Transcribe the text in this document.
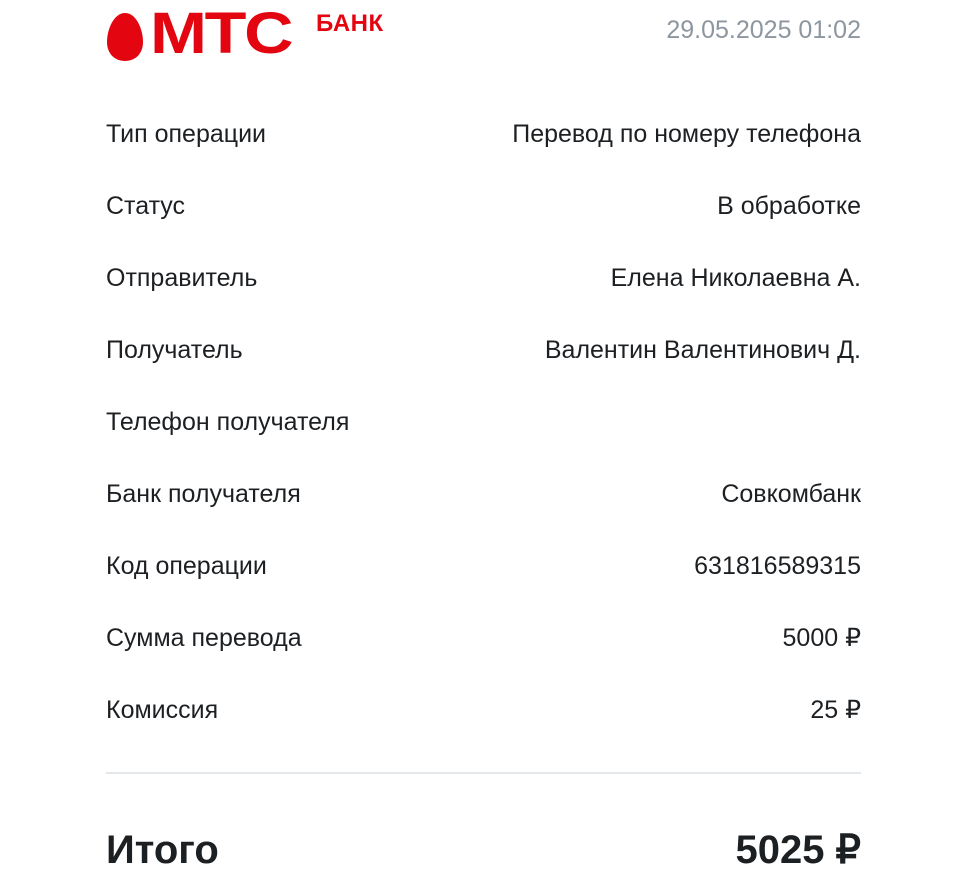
МТС БАНК	29.05.2025 01:02
Тип операции	Перевод по номеру телефона
Статус	В обработке
Отправитель	Елена Николаевна А.
Получатель	Валентин Валентинович Д.
Телефон получателя
Банк получателя	Совкомбанк
Код операции	631816589315
Сумма перевода	5000 ₽
Комиссия	25 ₽
Итого	5025 ₽
